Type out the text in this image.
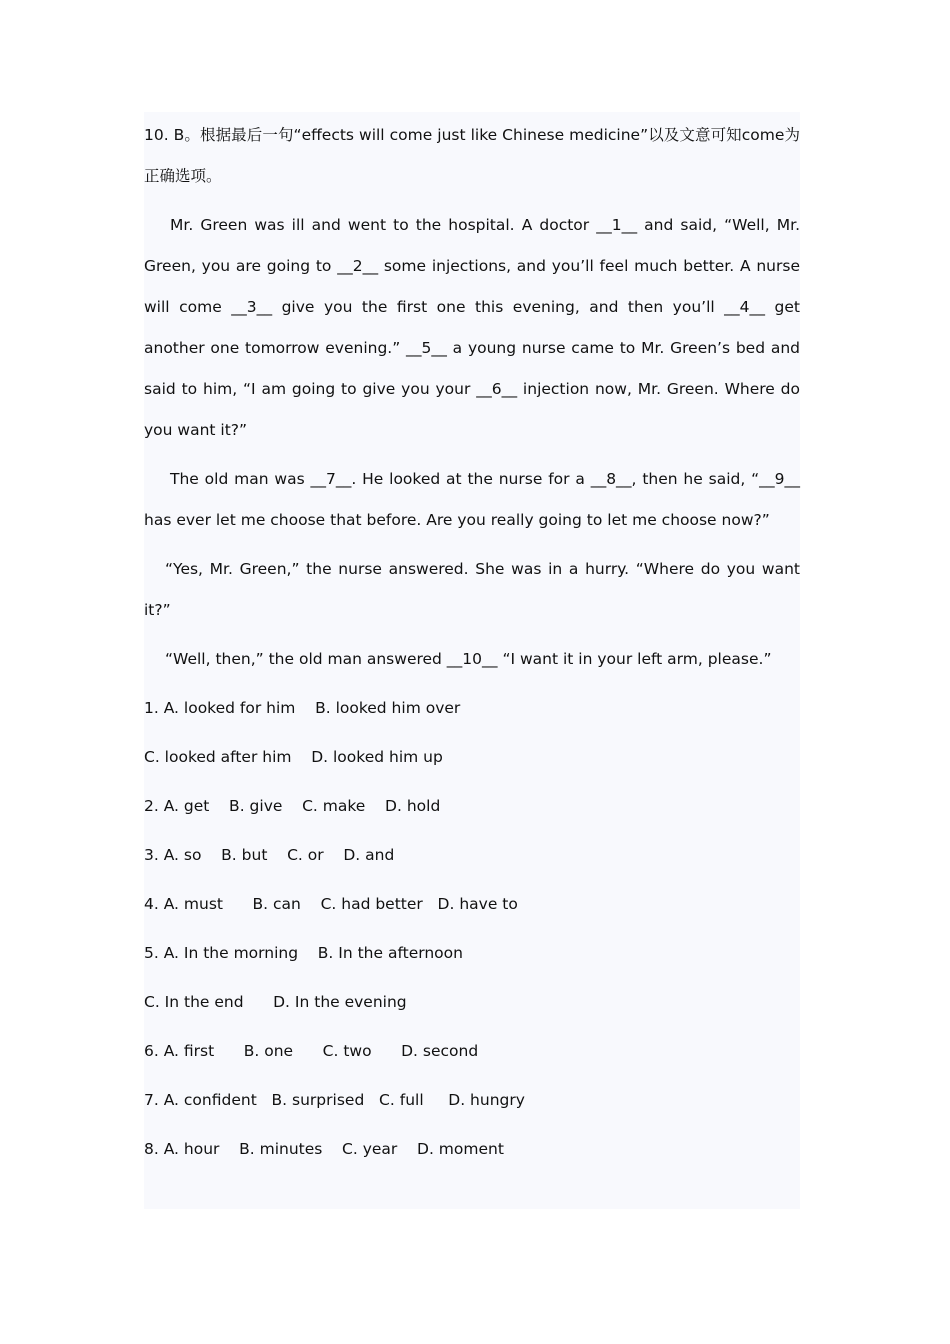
10. B。根据最后一句“effects will come just like Chinese medicine”以及文意可知come为正确选项。

Mr. Green was ill and went to the hospital. A doctor __1__ and said, “Well, Mr. Green, you are going to __2__ some injections, and you’ll feel much better. A nurse will come __3__ give you the first one this evening, and then you’ll __4__ get another one tomorrow evening.” __5__ a young nurse came to Mr. Green’s bed and said to him, “I am going to give you your __6__ injection now, Mr. Green. Where do you want it?”

The old man was __7__. He looked at the nurse for a __8__, then he said, “__9__ has ever let me choose that before. Are you really going to let me choose now?”

“Yes, Mr. Green,” the nurse answered. She was in a hurry. “Where do you want it?”

“Well, then,” the old man answered __10__ “I want it in your left arm, please.”

1. A. looked for him    B. looked him over

C. looked after him    D. looked him up

2. A. get    B. give    C. make    D. hold

3. A. so    B. but    C. or    D. and

4. A. must      B. can    C. had better   D. have to

5. A. In the morning    B. In the afternoon

C. In the end      D. In the evening

6. A. first      B. one      C. two      D. second

7. A. confident   B. surprised   C. full     D. hungry

8. A. hour    B. minutes    C. year    D. moment
